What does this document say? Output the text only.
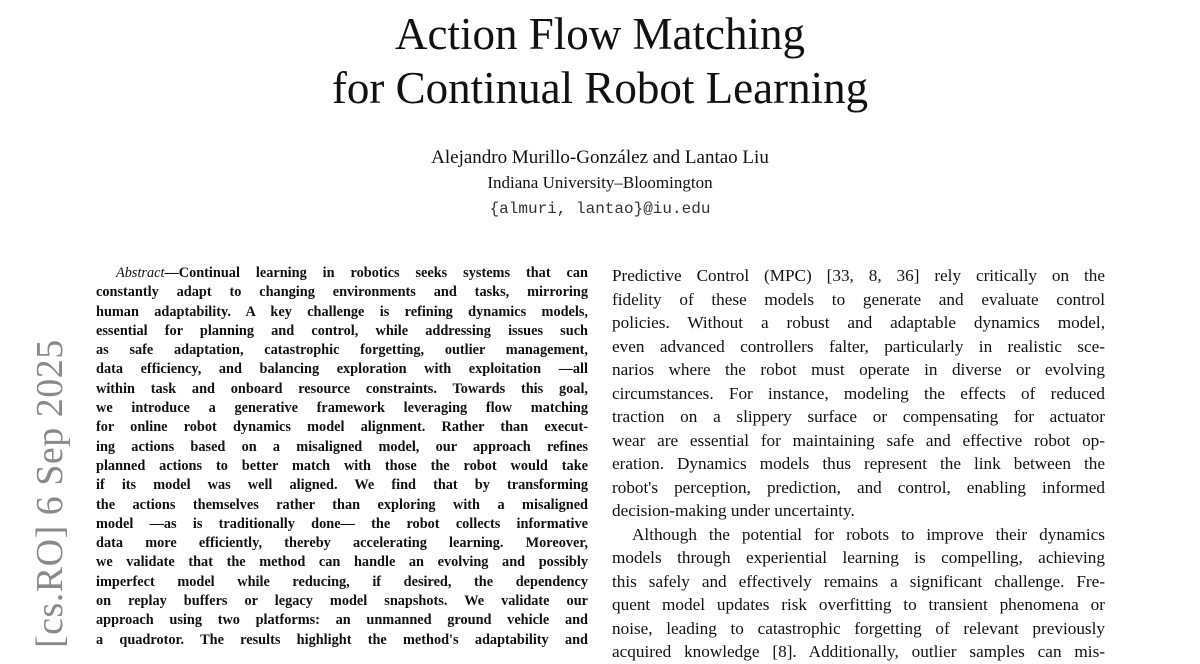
Action Flow Matching
for Continual Robot Learning
Alejandro Murillo-González and Lantao Liu
Indiana University–Bloomington
{almuri, lantao}@iu.edu
[cs.RO] 6 Sep 2025
Abstract—Continual learning in robotics seeks systems that can
constantly adapt to changing environments and tasks, mirroring
human adaptability. A key challenge is refining dynamics models,
essential for planning and control, while addressing issues such
as safe adaptation, catastrophic forgetting, outlier management,
data efficiency, and balancing exploration with exploitation —all
within task and onboard resource constraints. Towards this goal,
we introduce a generative framework leveraging flow matching
for online robot dynamics model alignment. Rather than execut-
ing actions based on a misaligned model, our approach refines
planned actions to better match with those the robot would take
if its model was well aligned. We find that by transforming
the actions themselves rather than exploring with a misaligned
model —as is traditionally done— the robot collects informative
data more efficiently, thereby accelerating learning. Moreover,
we validate that the method can handle an evolving and possibly
imperfect model while reducing, if desired, the dependency
on replay buffers or legacy model snapshots. We validate our
approach using two platforms: an unmanned ground vehicle and
a quadrotor. The results highlight the method's adaptability and
Predictive Control (MPC) [33, 8, 36] rely critically on the
fidelity of these models to generate and evaluate control
policies. Without a robust and adaptable dynamics model,
even advanced controllers falter, particularly in realistic sce-
narios where the robot must operate in diverse or evolving
circumstances. For instance, modeling the effects of reduced
traction on a slippery surface or compensating for actuator
wear are essential for maintaining safe and effective robot op-
eration. Dynamics models thus represent the link between the
robot's perception, prediction, and control, enabling informed
decision-making under uncertainty.
Although the potential for robots to improve their dynamics
models through experiential learning is compelling, achieving
this safely and effectively remains a significant challenge. Fre-
quent model updates risk overfitting to transient phenomena or
noise, leading to catastrophic forgetting of relevant previously
acquired knowledge [8]. Additionally, outlier samples can mis-
